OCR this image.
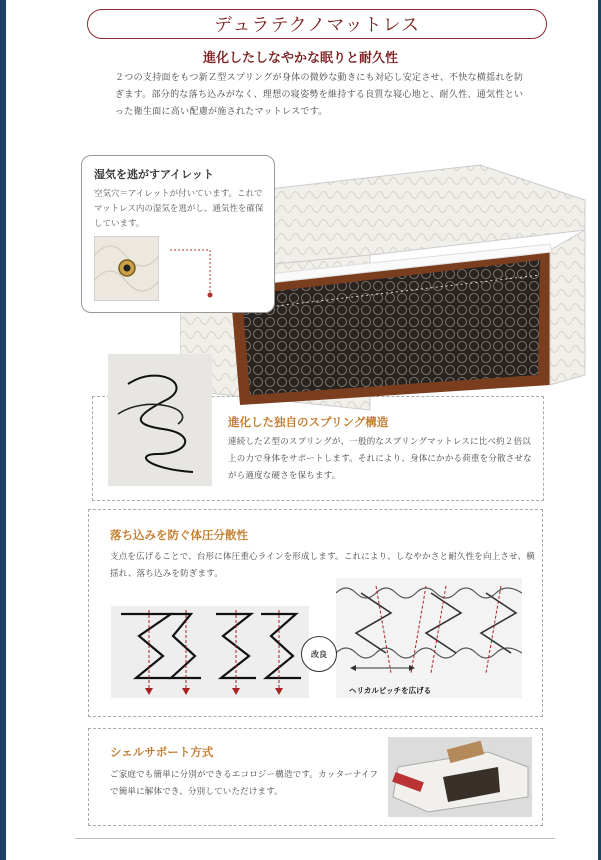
デュラテクノマットレス
進化したしなやかな眠りと耐久性
２つの支持面をもつ新Ｚ型スプリングが身体の微妙な動きにも対応し安定させ、不快な横揺れを防ぎます。部分的な落ち込みがなく、理想の寝姿勢を維持する良質な寝心地と、耐久性、通気性といった衛生面に高い配慮が施されたマットレスです。
湿気を逃がすアイレット

空気穴＝アイレットが付いています。これでマットレス内の湿気を逃がし、通気性を確保しています。

進化した独自のスプリング構造
連続したＺ型のスプリングが、一般的なスプリングマットレスに比べ約２倍以上の力で身体をサポートします。それにより、身体にかかる荷重を分散させながら適度な硬さを保ちます。
落ち込みを防ぐ体圧分散性
支点を広げることで、台形に体圧重心ラインを形成します。これにより、しなやかさと耐久性を向上させ、横揺れ、落ち込みを防ぎます。
改良
ヘリカルピッチを広げる
シェルサポート方式
ご家庭でも簡単に分別ができるエコロジー構造です。カッターナイフで簡単に解体でき、分別していただけます。
